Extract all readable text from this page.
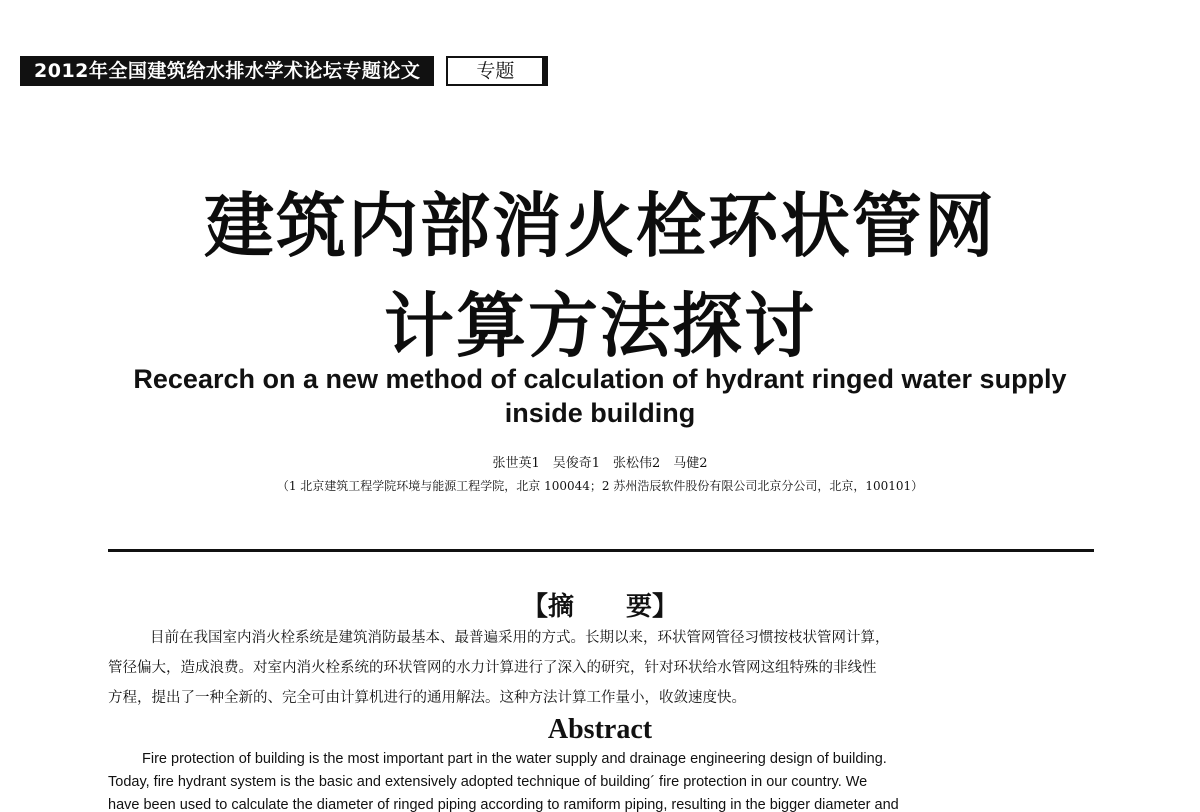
2012年全国建筑给水排水学术论坛专题论文	专题
建筑内部消火栓环状管网
计算方法探讨
Recearch on a new method of calculation of hydrant ringed water supply
inside building
张世英1　吴俊奇1　张松伟2　马健2
（1 北京建筑工程学院环境与能源工程学院，北京 100044；2 苏州浩辰软件股份有限公司北京分公司，北京，100101）
【摘　　要】
目前在我国室内消火栓系统是建筑消防最基本、最普遍采用的方式。长期以来，环状管网管径习惯按枝状管网计算，
管径偏大，造成浪费。对室内消火栓系统的环状管网的水力计算进行了深入的研究，针对环状给水管网这组特殊的非线性
方程，提出了一种全新的、完全可由计算机进行的通用解法。这种方法计算工作量小，收敛速度快。
Abstract
Fire protection of building is the most important part in the water supply and drainage engineering design of building.
Today, fire hydrant system is the basic and extensively adopted technique of building´ fire protection in our country. We
have been used to calculate the diameter of ringed piping according to ramiform piping, resulting in the bigger diameter and
